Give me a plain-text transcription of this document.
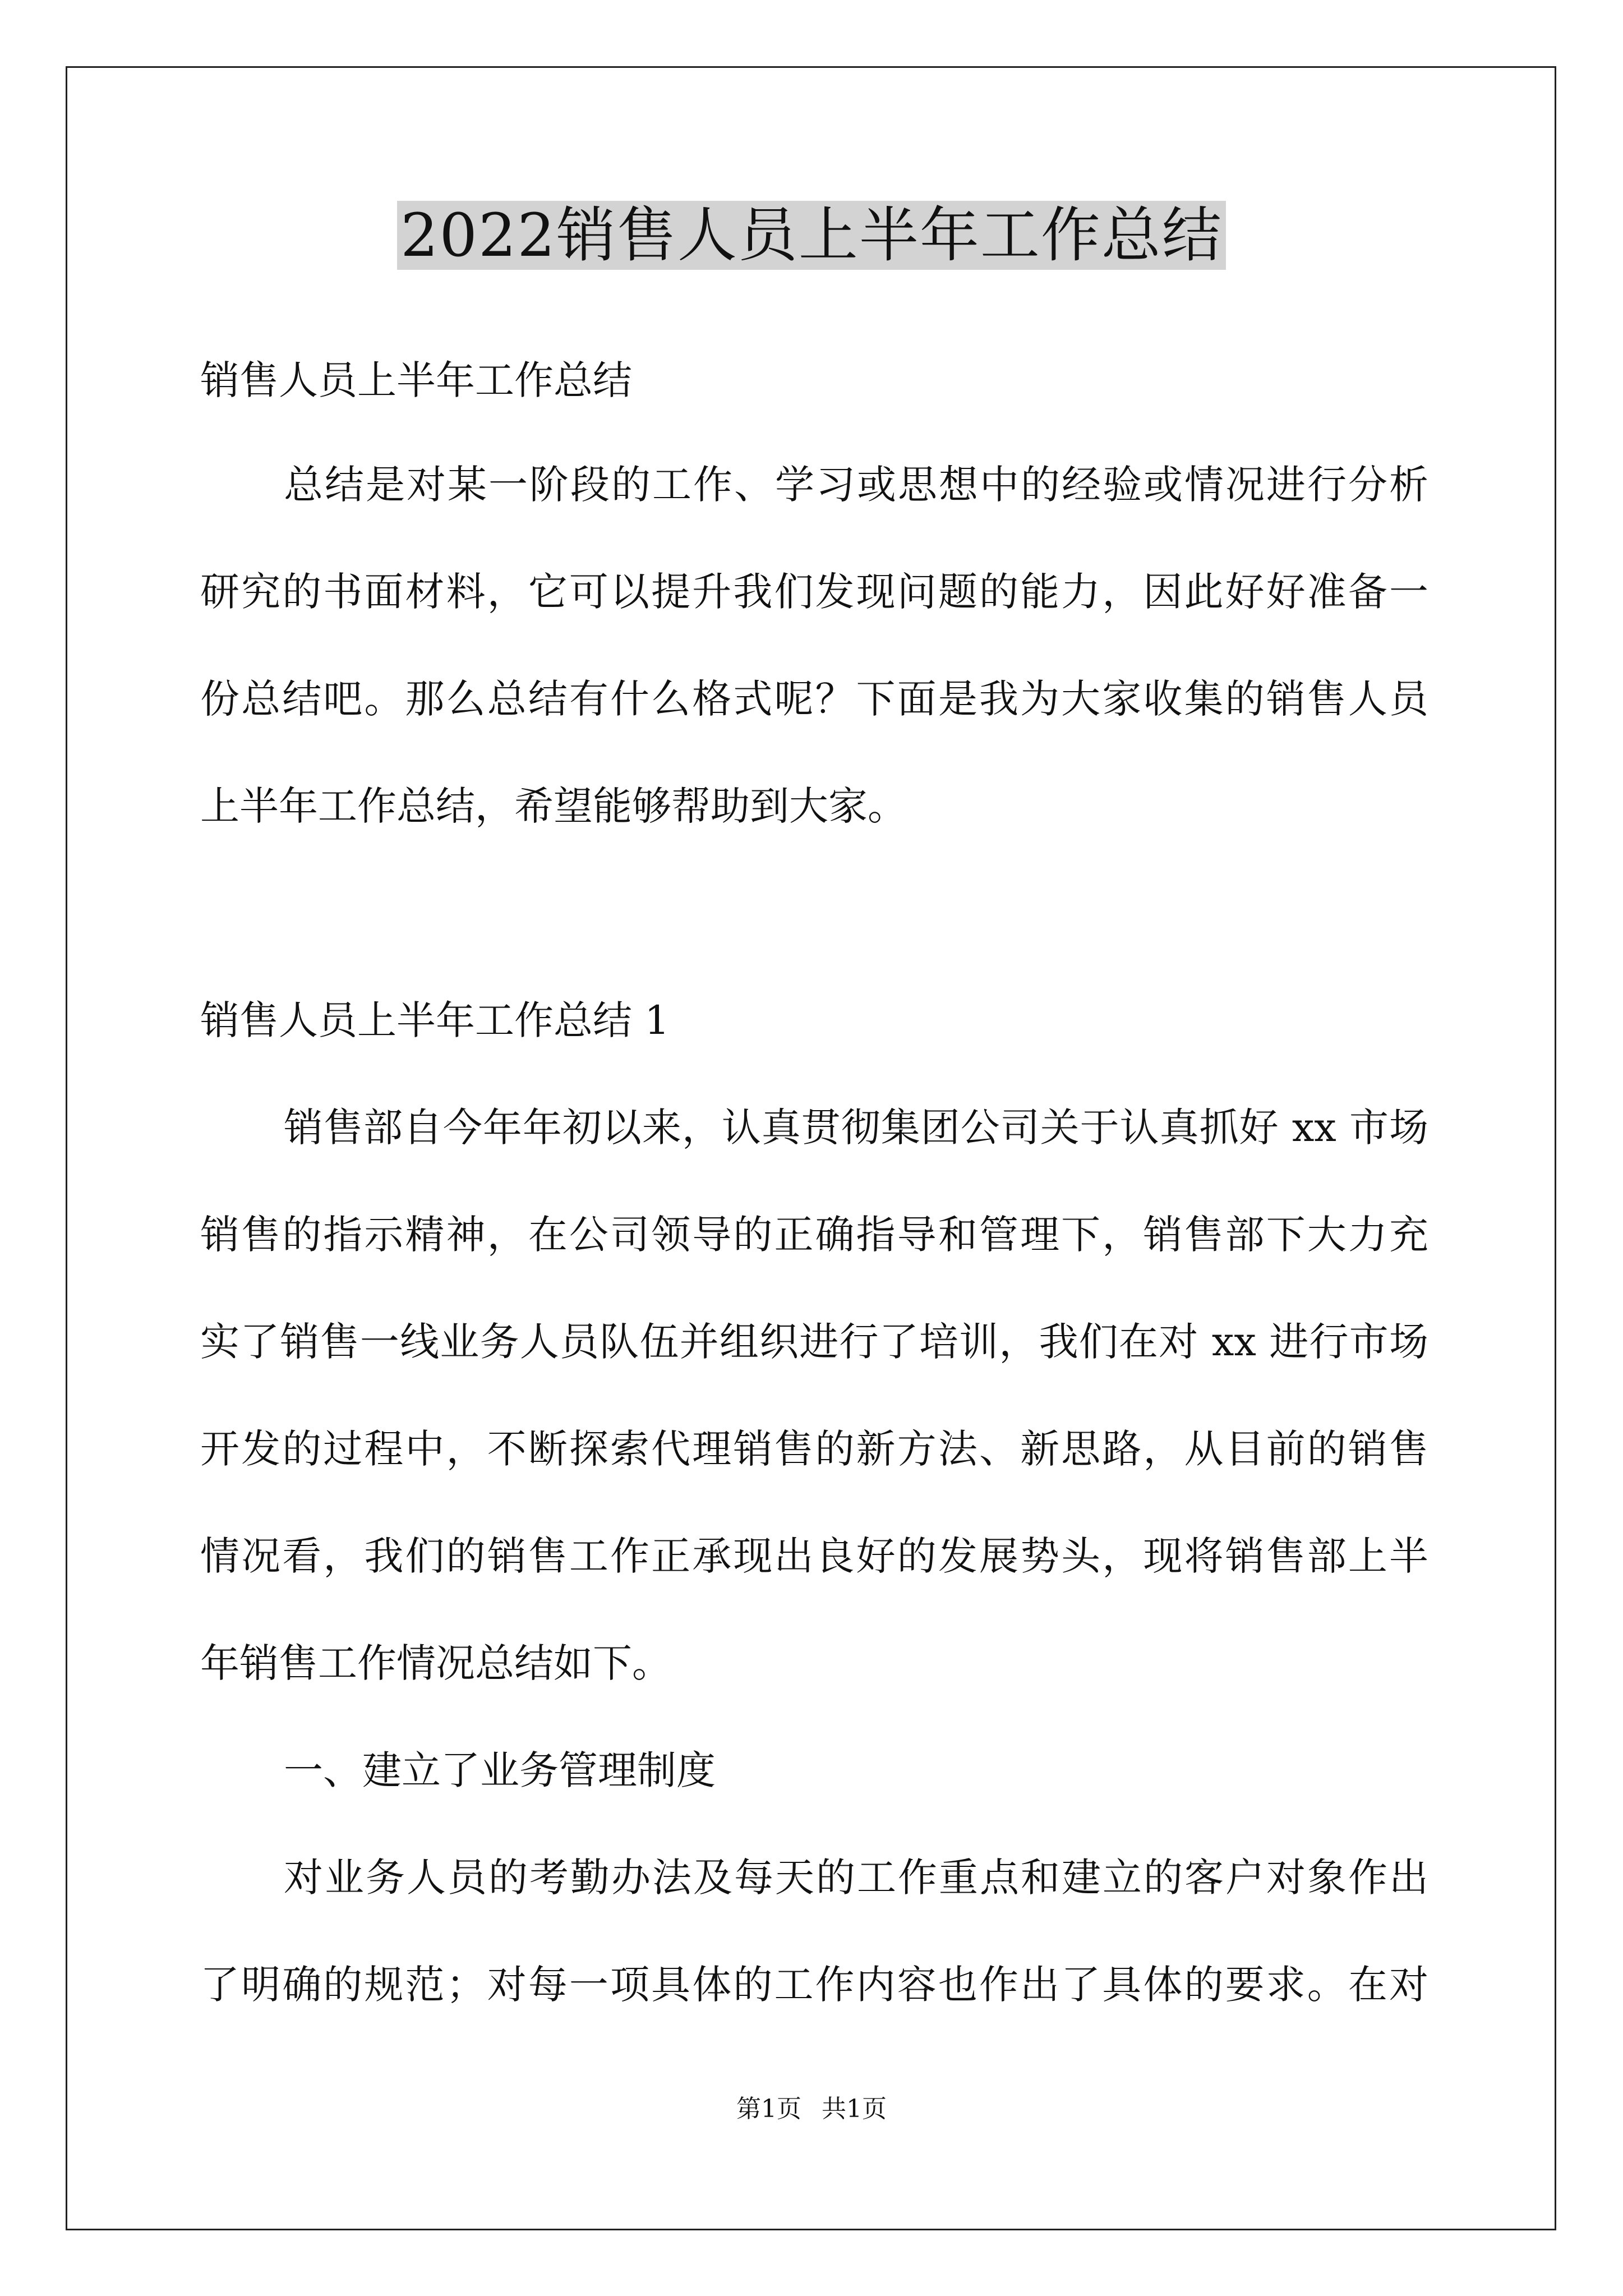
2022销售人员上半年工作总结
销售人员上半年工作总结
总结是对某一阶段的工作、学习或思想中的经验或情况进行分析
研究的书面材料，它可以提升我们发现问题的能力，因此好好准备一
份总结吧。那么总结有什么格式呢？下面是我为大家收集的销售人员
上半年工作总结，希望能够帮助到大家。
销售人员上半年工作总结 1
销售部自今年年初以来，认真贯彻集团公司关于认真抓好 xx 市场
销售的指示精神，在公司领导的正确指导和管理下，销售部下大力充
实了销售一线业务人员队伍并组织进行了培训，我们在对 xx 进行市场
开发的过程中，不断探索代理销售的新方法、新思路，从目前的销售
情况看，我们的销售工作正承现出良好的发展势头，现将销售部上半
年销售工作情况总结如下。
一、建立了业务管理制度
对业务人员的考勤办法及每天的工作重点和建立的客户对象作出
了明确的规范；对每一项具体的工作内容也作出了具体的要求。在对
第1页 共1页
